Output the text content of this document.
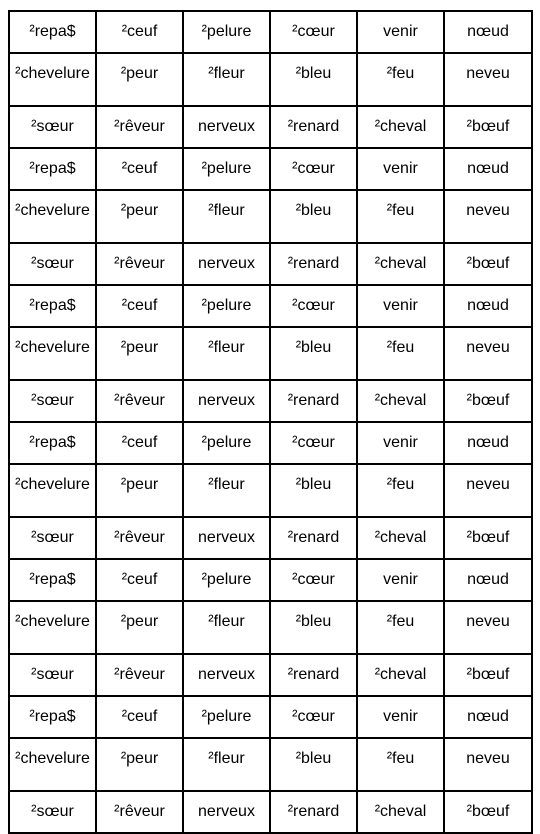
²repa$	²ceuf	²pelure	²cœur	venir	nœud
²chevelure	²peur	²fleur	²bleu	²feu	neveu
²sœur	²rêveur	nerveux	²renard	²cheval	²bœuf
²repa$	²ceuf	²pelure	²cœur	venir	nœud
²chevelure	²peur	²fleur	²bleu	²feu	neveu
²sœur	²rêveur	nerveux	²renard	²cheval	²bœuf
²repa$	²ceuf	²pelure	²cœur	venir	nœud
²chevelure	²peur	²fleur	²bleu	²feu	neveu
²sœur	²rêveur	nerveux	²renard	²cheval	²bœuf
²repa$	²ceuf	²pelure	²cœur	venir	nœud
²chevelure	²peur	²fleur	²bleu	²feu	neveu
²sœur	²rêveur	nerveux	²renard	²cheval	²bœuf
²repa$	²ceuf	²pelure	²cœur	venir	nœud
²chevelure	²peur	²fleur	²bleu	²feu	neveu
²sœur	²rêveur	nerveux	²renard	²cheval	²bœuf
²repa$	²ceuf	²pelure	²cœur	venir	nœud
²chevelure	²peur	²fleur	²bleu	²feu	neveu
²sœur	²rêveur	nerveux	²renard	²cheval	²bœuf
